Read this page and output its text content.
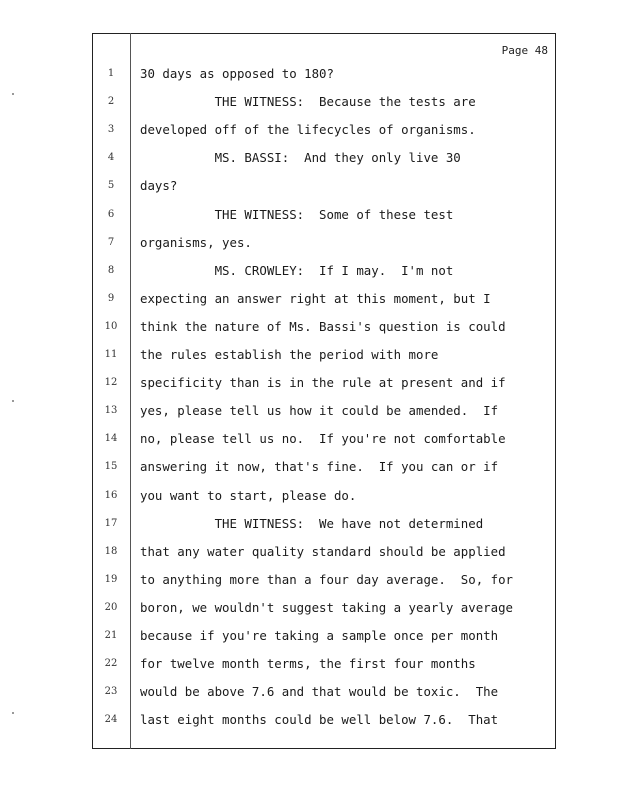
Page 48
1	30 days as opposed to 180?
2	THE WITNESS:  Because the tests are
3	developed off of the lifecycles of organisms.
4	MS. BASSI:  And they only live 30
5	days?
6	THE WITNESS:  Some of these test
7	organisms, yes.
8	MS. CROWLEY:  If I may.  I'm not
9	expecting an answer right at this moment, but I
10	think the nature of Ms. Bassi's question is could
11	the rules establish the period with more
12	specificity than is in the rule at present and if
13	yes, please tell us how it could be amended.  If
14	no, please tell us no.  If you're not comfortable
15	answering it now, that's fine.  If you can or if
16	you want to start, please do.
17	THE WITNESS:  We have not determined
18	that any water quality standard should be applied
19	to anything more than a four day average.  So, for
20	boron, we wouldn't suggest taking a yearly average
21	because if you're taking a sample once per month
22	for twelve month terms, the first four months
23	would be above 7.6 and that would be toxic.  The
24	last eight months could be well below 7.6.  That
